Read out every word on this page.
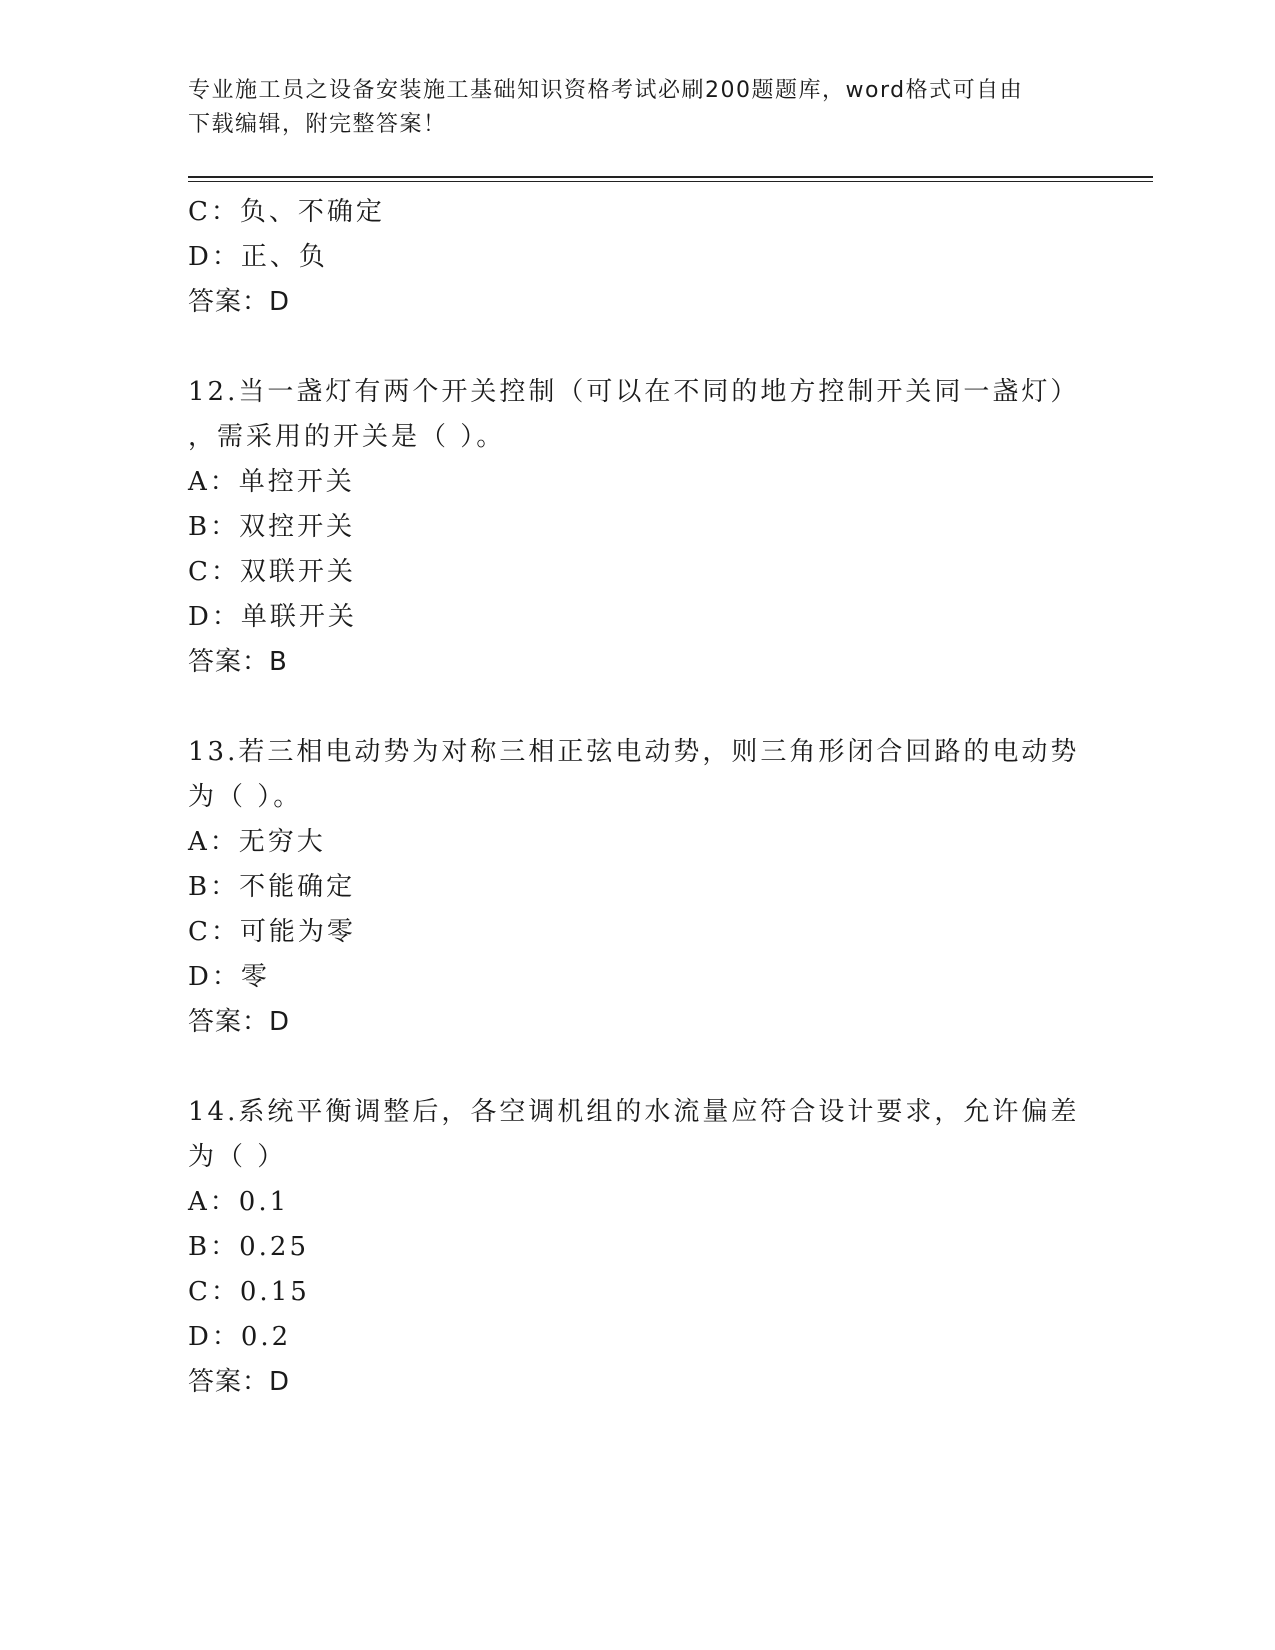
专业施工员之设备安装施工基础知识资格考试必刷200题题库，word格式可自由
下载编辑，附完整答案！
C：负、不确定
D：正、负
答案：D
12.当一盏灯有两个开关控制（可以在不同的地方控制开关同一盏灯）
，需采用的开关是（ ）。
A：单控开关
B：双控开关
C：双联开关
D：单联开关
答案：B
13.若三相电动势为对称三相正弦电动势，则三角形闭合回路的电动势
为（ ）。
A：无穷大
B：不能确定
C：可能为零
D：零
答案：D
14.系统平衡调整后，各空调机组的水流量应符合设计要求，允许偏差
为（ ）
A：0.1
B：0.25
C：0.15
D：0.2
答案：D
